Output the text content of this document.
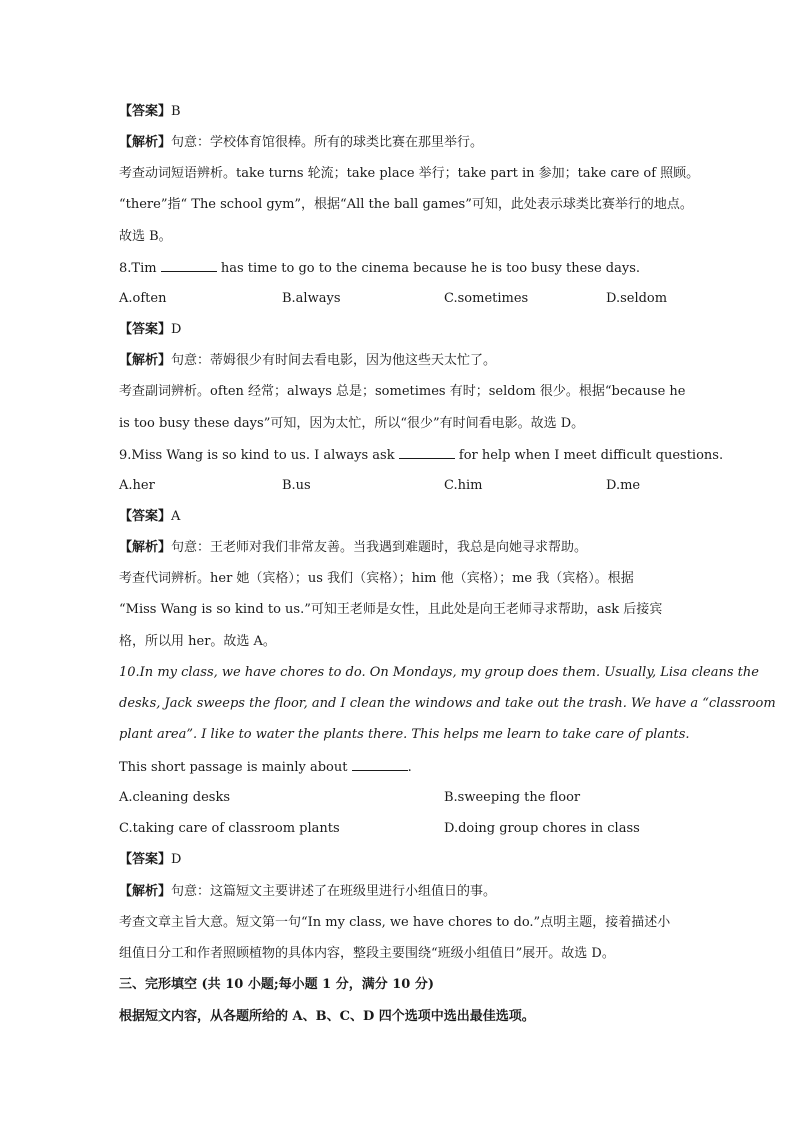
【答案】B
【解析】句意：学校体育馆很棒。所有的球类比赛在那里举行。
考查动词短语辨析。take turns 轮流；take place 举行；take part in 参加；take care of 照顾。
“there”指“ The school gym”，根据“All the ball games”可知，此处表示球类比赛举行的地点。
故选 B。
8.Tim	has time to go to the cinema because he is too busy these days.
A.often	B.always	C.sometimes	D.seldom
【答案】D
【解析】句意：蒂姆很少有时间去看电影，因为他这些天太忙了。
考查副词辨析。often 经常；always 总是；sometimes 有时；seldom 很少。根据“because he
is too busy these days”可知，因为太忙，所以“很少”有时间看电影。故选 D。
9.Miss Wang is so kind to us. I always ask	for help when I meet difficult questions.
A.her	B.us	C.him	D.me
【答案】A
【解析】句意：王老师对我们非常友善。当我遇到难题时，我总是向她寻求帮助。
考查代词辨析。her 她（宾格）；us 我们（宾格）；him 他（宾格）；me 我（宾格）。根据
“Miss Wang is so kind to us.”可知王老师是女性，且此处是向王老师寻求帮助，ask 后接宾
格，所以用 her。故选 A。
10.In my class, we have chores to do. On Mondays, my group does them. Usually, Lisa cleans the
desks, Jack sweeps the floor, and I clean the windows and take out the trash. We have a “classroom
plant area”. I like to water the plants there. This helps me learn to take care of plants.
This short passage is mainly about	.
A.cleaning desks	B.sweeping the floor
C.taking care of classroom plants	D.doing group chores in class
【答案】D
【解析】句意：这篇短文主要讲述了在班级里进行小组值日的事。
考查文章主旨大意。短文第一句“In my class, we have chores to do.”点明主题，接着描述小
组值日分工和作者照顾植物的具体内容，整段主要围绕“班级小组值日”展开。故选 D。
三、完形填空 (共 10 小题;每小题 1 分，满分 10 分)
根据短文内容，从各题所给的 A、B、C、D 四个选项中选出最佳选项。
